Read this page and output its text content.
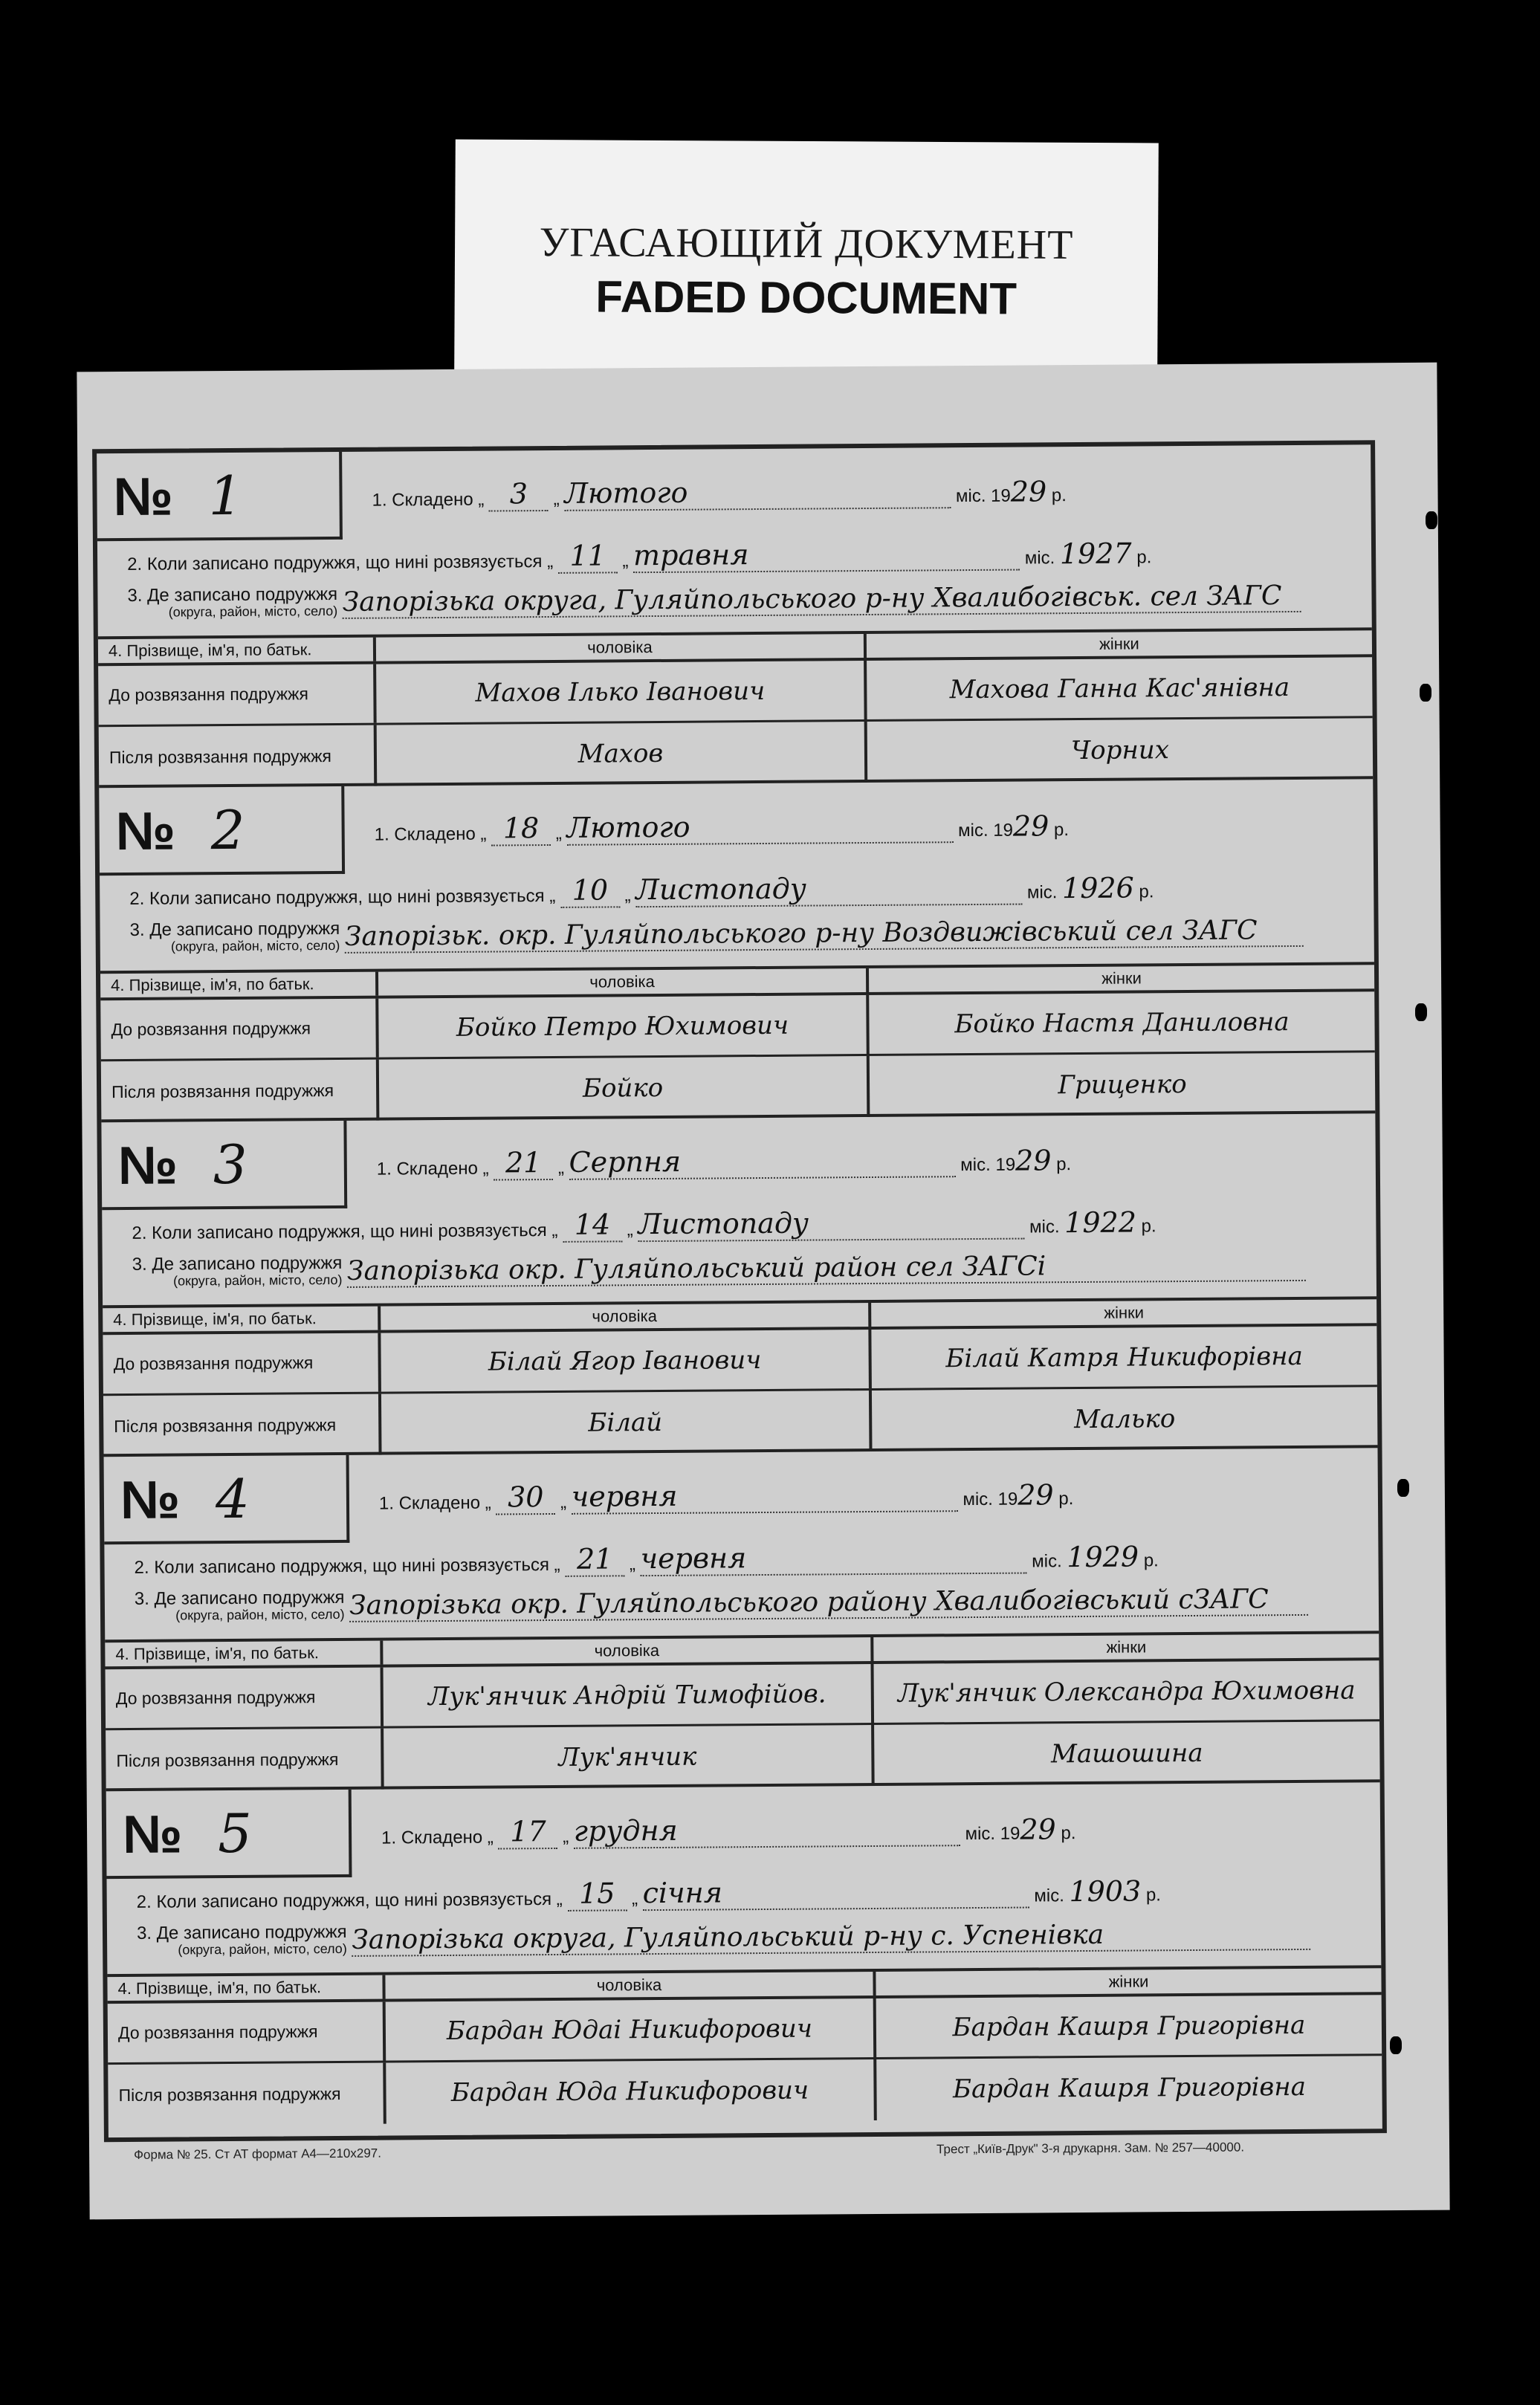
УГАСАЮЩИЙ ДОКУМЕНТ
FADED DOCUMENT
№ 1	1. Складено „ 3 „ Лютого	міс. 1929 р.
2. Коли записано подружжя, що нині розвязується „ 11 „ травня	міс. 1927 р.
3. Де записано подружжя
(округа, район, місто, село) Запорізька округа, Гуляйпольського р-ну Хвалибогівськ. сел ЗАГС
4. Прізвище, ім'я, по батьк.	чоловіка	жінки
До розвязання подружжя	Махов Ілько Іванович	Махова Ганна Кас'янівна
Після розвязання подружжя	Махов	Чорних
№ 2	1. Складено „ 18 „ Лютого	міс. 1929 р.
2. Коли записано подружжя, що нині розвязується „ 10 „ Листопаду	міс. 1926 р.
3. Де записано подружжя
(округа, район, місто, село) Запорізьк. окр. Гуляйпольського р-ну Воздвижівський сел ЗАГС
4. Прізвище, ім'я, по батьк.	чоловіка	жінки
До розвязання подружжя	Бойко Петро Юхимович	Бойко Настя Даниловна
Після розвязання подружжя	Бойко	Гриценко
№ 3	1. Складено „ 21 „ Серпня	міс. 1929 р.
2. Коли записано подружжя, що нині розвязується „ 14 „ Листопаду	міс. 1922 р.
3. Де записано подружжя
(округа, район, місто, село) Запорізька окр. Гуляйпольський район сел ЗАГСі
4. Прізвище, ім'я, по батьк.	чоловіка	жінки
До розвязання подружжя	Білай Ягор Іванович	Білай Катря Никифорівна
Після розвязання подружжя	Білай	Малько
№ 4	1. Складено „ 30 „ червня	міс. 1929 р.
2. Коли записано подружжя, що нині розвязується „ 21 „ червня	міс. 1929 р.
3. Де записано подружжя
(округа, район, місто, село) Запорізька окр. Гуляйпольського району Хвалибогівський сЗАГС
4. Прізвище, ім'я, по батьк.	чоловіка	жінки
До розвязання подружжя	Лук'янчик Андрій Тимофійов.	Лук'янчик Олександра Юхимовна
Після розвязання подружжя	Лук'янчик	Машошина
№ 5	1. Складено „ 17 „ грудня	міс. 1929 р.
2. Коли записано подружжя, що нині розвязується „ 15 „ січня	міс. 1903 р.
3. Де записано подружжя
(округа, район, місто, село) Запорізька округа, Гуляйпольський р-ну с. Успенівка
4. Прізвище, ім'я, по батьк.	чоловіка	жінки
До розвязання подружжя	Бардан Юдаі Никифорович	Бардан Кашря Григорівна
Після розвязання подружжя	Бардан Юда Никифорович	Бардан Кашря Григорівна
Форма № 25. Ст АТ формат А4—210х297.	Трест „Київ-Друк" 3-я друкарня. Зам. № 257—40000.
